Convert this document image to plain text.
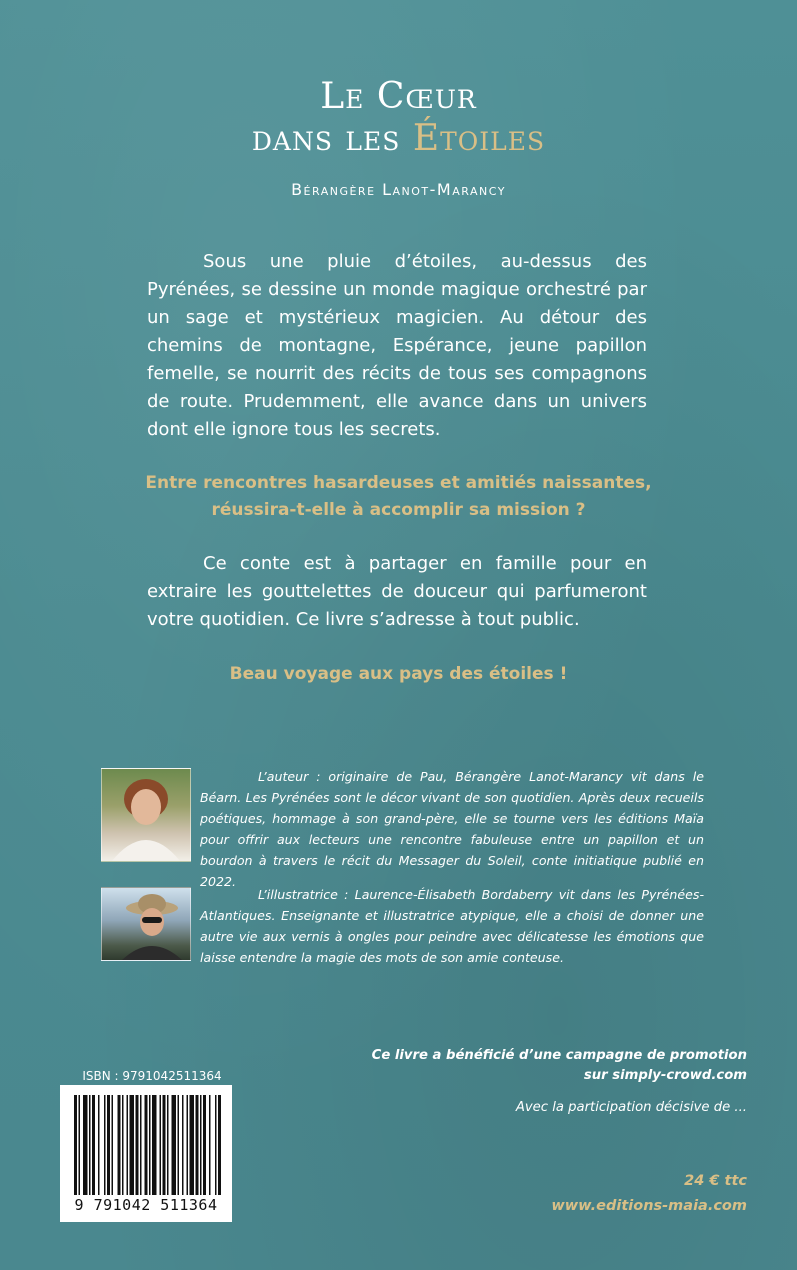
Le Cœur
dans les Étoiles
Bérangère Lanot-Marancy

Sous une pluie d’étoiles, au-dessus des Pyrénées, se dessine un monde magique orchestré par un sage et mystérieux magicien. Au détour des chemins de montagne, Espérance, jeune papillon femelle, se nourrit des récits de tous ses compagnons de route. Prudemment, elle avance dans un univers dont elle ignore tous les secrets.

Entre rencontres hasardeuses et amitiés naissantes,
réussira-t-elle à accomplir sa mission ?

Ce conte est à partager en famille pour en extraire les gouttelettes de douceur qui parfumeront votre quotidien. Ce livre s’adresse à tout public.

Beau voyage aux pays des étoiles !

L’auteur : originaire de Pau, Bérangère Lanot-Marancy vit dans le Béarn. Les Pyrénées sont le décor vivant de son quotidien. Après deux recueils poétiques, hommage à son grand-père, elle se tourne vers les éditions Maïa pour offrir aux lecteurs une rencontre fabuleuse entre un papillon et un bourdon à travers le récit du Messager du Soleil, conte initiatique publié en 2022.

L’illustratrice : Laurence-Élisabeth Bordaberry vit dans les Pyrénées-Atlantiques. Enseignante et illustratrice atypique, elle a choisi de donner une autre vie aux vernis à ongles pour peindre avec délicatesse les émotions que laisse entendre la magie des mots de son amie conteuse.

ISBN : 9791042511364
9 791042 511364

Ce livre a bénéficié d’une campagne de promotion
sur simply-crowd.com

Avec la participation décisive de ...

24 € ttc

www.editions-maia.com
